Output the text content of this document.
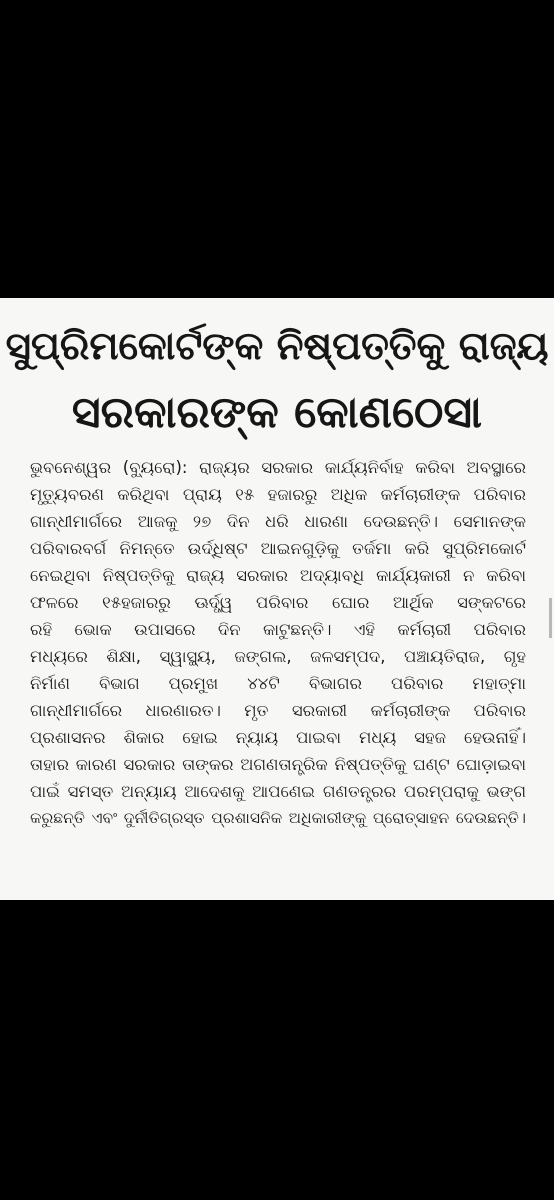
ସୁପ୍ରିମକୋର୍ଟଙ୍କ ନିଷ୍ପତ୍ତିକୁ ରାଜ୍ୟ
ସରକାରଙ୍କ କୋଣଠେସା
ଭୁବନେଶ୍ୱର (ବ୍ୟୁରୋ): ରାଜ୍ୟର ସରକାର କାର୍ଯ୍ୟନିର୍ବାହ କରିବା ଅବସ୍ଥାରେ
ମୃତ୍ୟୁବରଣ କରିଥିବା ପ୍ରାୟ ୧୫ ହଜାରରୁ ଅଧିକ କର୍ମଚାରୀଙ୍କ ପରିବାର
ଗାନ୍ଧୀମାର୍ଗରେ ଆଜକୁ ୨୭ ଦିନ ଧରି ଧାରଣା ଦେଉଛନ୍ତି। ସେମାନଙ୍କ
ପରିବାରବର୍ଗ ନିମନ୍ତେ ଉର୍ଦ୍ଧିଷ୍ଟ ଆଇନଗୁଡ଼ିକୁ ତର୍ଜମା କରି ସୁପ୍ରିମକୋର୍ଟ
ନେଇଥିବା ନିଷ୍ପତ୍ତିକୁ ରାଜ୍ୟ ସରକାର ଅଦ୍ୟାବଧି କାର୍ଯ୍ୟକାରୀ ନ କରିବା
ଫଳରେ ୧୫ହଜାରରୁ ଊର୍ଦ୍ଧ୍ୱ ପରିବାର ଘୋର ଆର୍ଥିକ ସଙ୍କଟରେ
ରହି ଭୋକ ଉପାସରେ ଦିନ କାଟୁଛନ୍ତି। ଏହି କର୍ମଚାରୀ ପରିବାର
ମଧ୍ୟରେ ଶିକ୍ଷା, ସ୍ୱାସ୍ଥ୍ୟ, ଜଙ୍ଗଲ, ଜଳସମ୍ପଦ, ପଞ୍ଚାୟତିରାଜ, ଗୃହ
ନିର୍ମାଣ ବିଭାଗ ପ୍ରମୁଖ ୪୪ଟି ବିଭାଗର ପରିବାର ମହାତ୍ମା
ଗାନ୍ଧୀମାର୍ଗରେ ଧାରଣାରତ। ମୃତ ସରକାରୀ କର୍ମଚାରୀଙ୍କ ପରିବାର
ପ୍ରଶାସନର ଶିକାର ହୋଇ ନ୍ୟାୟ ପାଇବା ମଧ୍ୟ ସହଜ ହେଉନାହିଁ।
ତାହାର କାରଣ ସରକାର ତାଙ୍କର ଅଗଣତାନ୍ତ୍ରିକ ନିଷ୍ପତ୍ତିକୁ ଘଣ୍ଟ ଘୋଡ଼ାଇବା
ପାଇଁ ସମସ୍ତ ଅନ୍ୟାୟ ଆଦେଶକୁ ଆପଣେଇ ଗଣତନ୍ତ୍ରର ପରମ୍ପରାକୁ ଭଙ୍ଗ
କରୁଛନ୍ତି ଏବଂ ଦୁର୍ନୀତିଗ୍ରସ୍ତ ପ୍ରଶାସନିକ ଅଧିକାରୀଙ୍କୁ ପ୍ରୋତ୍ସାହନ ଦେଉଛନ୍ତି।
